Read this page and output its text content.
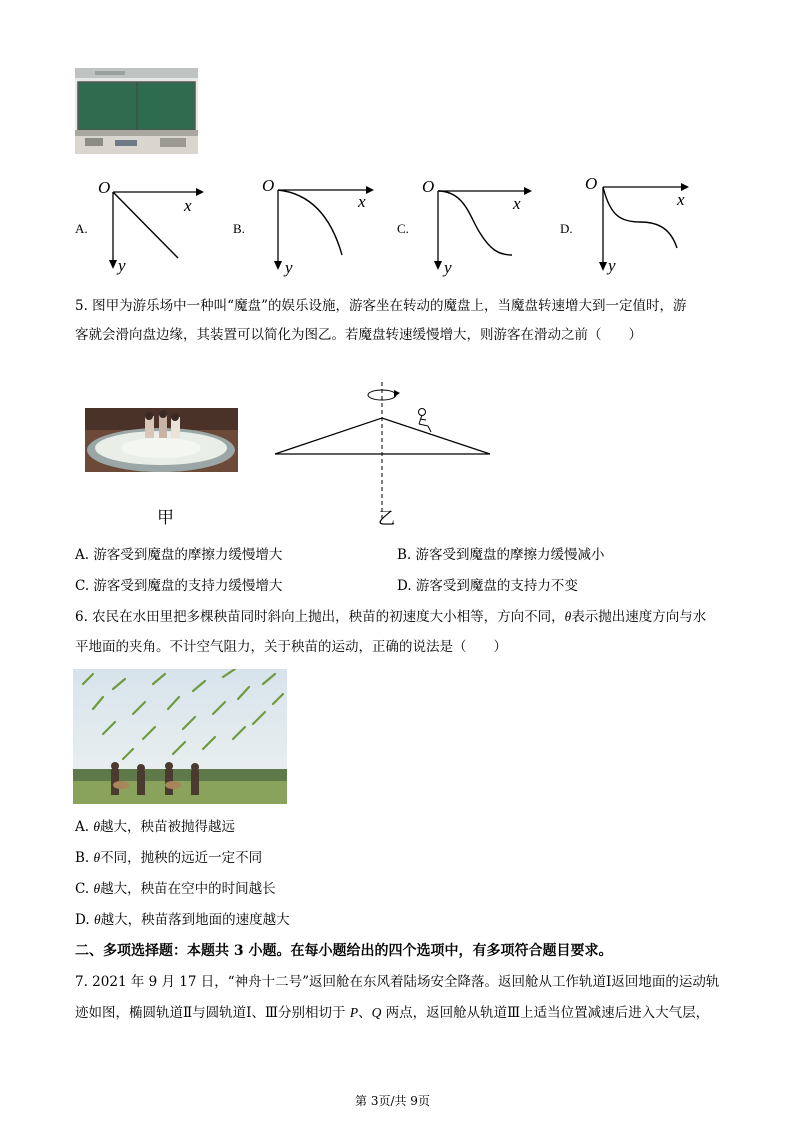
A.
O
x
y
B.
O
x
y
C.
O
x
y
D.
O
x
y
5. 图甲为游乐场中一种叫“魔盘”的娱乐设施，游客坐在转动的魔盘上，当魔盘转速增大到一定值时，游
客就会滑向盘边缘，其装置可以简化为图乙。若魔盘转速缓慢增大，则游客在滑动之前（　　）
甲	乙
A. 游客受到魔盘的摩擦力缓慢增大	B. 游客受到魔盘的摩擦力缓慢减小
C. 游客受到魔盘的支持力缓慢增大	D. 游客受到魔盘的支持力不变
6. 农民在水田里把多棵秧苗同时斜向上抛出，秧苗的初速度大小相等，方向不同，θ表示抛出速度方向与水
平地面的夹角。不计空气阻力，关于秧苗的运动，正确的说法是（　　）
A. θ越大，秧苗被抛得越远
B. θ不同，抛秧的远近一定不同
C. θ越大，秧苗在空中的时间越长
D. θ越大，秧苗落到地面的速度越大
二、多项选择题：本题共 3 小题。在每小题给出的四个选项中，有多项符合题目要求。
7. 2021 年 9 月 17 日，“神舟十二号”返回舱在东风着陆场安全降落。返回舱从工作轨道Ⅰ返回地面的运动轨
迹如图，椭圆轨道Ⅱ与圆轨道Ⅰ、Ⅲ分别相切于 P、Q 两点，返回舱从轨道Ⅲ上适当位置减速后进入大气层，
第 3页/共 9页
